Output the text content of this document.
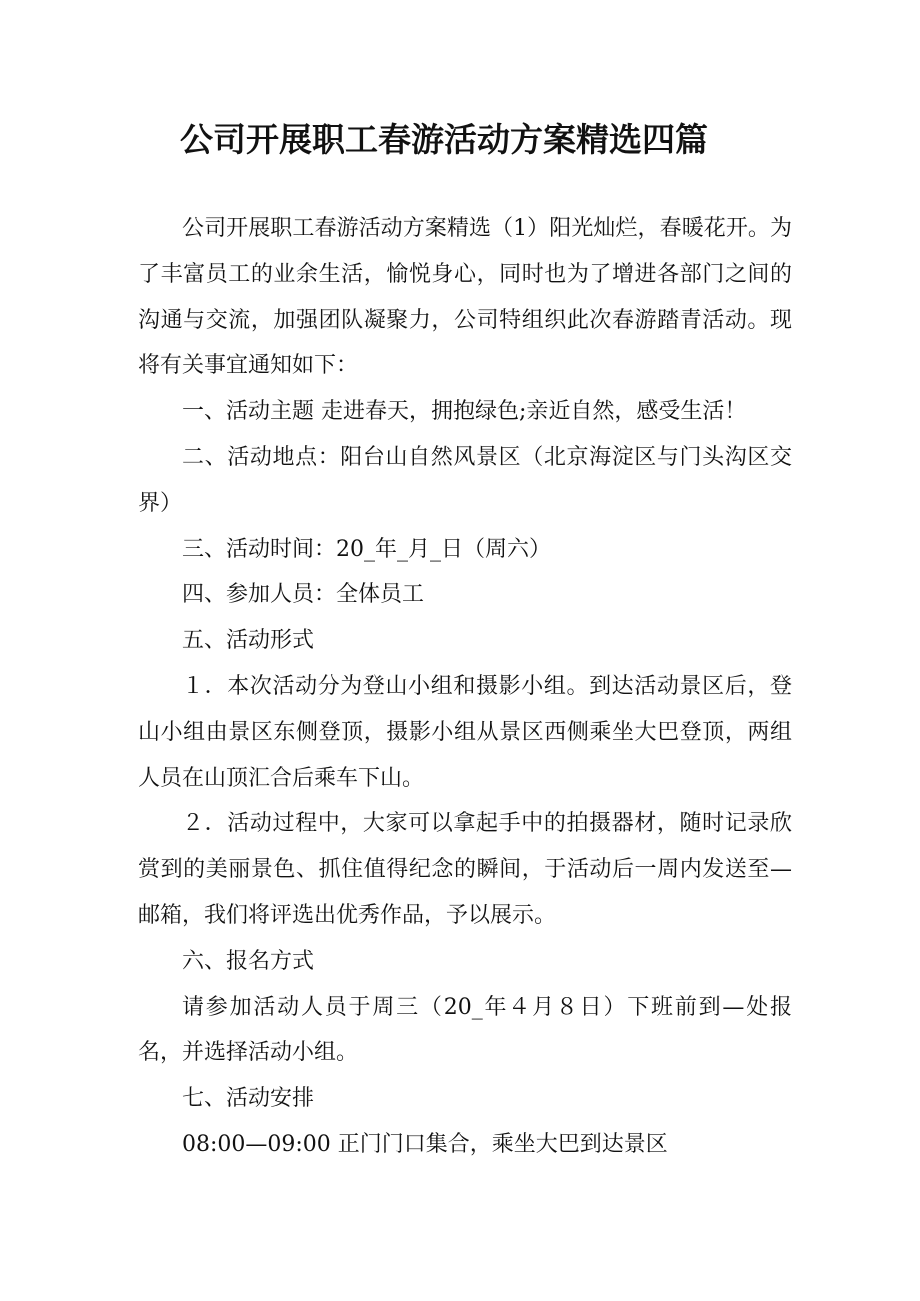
公司开展职工春游活动方案精选四篇

公司开展职工春游活动方案精选（1）阳光灿烂，春暖花开。为了丰富员工的业余生活，愉悦身心，同时也为了增进各部门之间的沟通与交流，加强团队凝聚力，公司特组织此次春游踏青活动。现将有关事宜通知如下：

一、活动主题 走进春天，拥抱绿色;亲近自然，感受生活！

二、活动地点：阳台山自然风景区（北京海淀区与门头沟区交界）

三、活动时间：20_年_月_日（周六）

四、参加人员：全体员工

五、活动形式

１．本次活动分为登山小组和摄影小组。到达活动景区后，登山小组由景区东侧登顶，摄影小组从景区西侧乘坐大巴登顶，两组人员在山顶汇合后乘车下山。

２．活动过程中，大家可以拿起手中的拍摄器材，随时记录欣赏到的美丽景色、抓住值得纪念的瞬间，于活动后一周内发送至—邮箱，我们将评选出优秀作品，予以展示。

六、报名方式

请参加活动人员于周三（20_年４月８日）下班前到—处报名，并选择活动小组。

七、活动安排

08:00—09:00 正门门口集合，乘坐大巴到达景区
